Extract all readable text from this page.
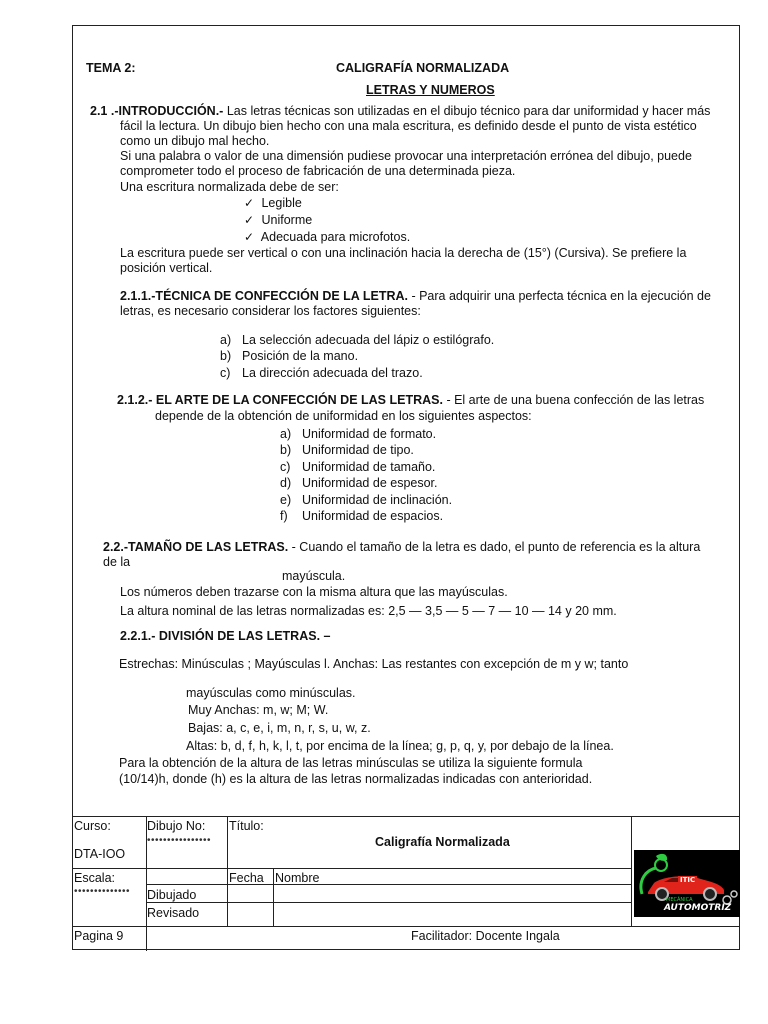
TEMA 2:	CALIGRAFÍA NORMALIZADA
LETRAS Y NUMEROS
2.1 .-INTRODUCCIÓN.- Las letras técnicas son utilizadas en el dibujo técnico para dar uniformidad y hacer más
fácil la lectura. Un dibujo bien hecho con una mala escritura, es definido desde el punto de vista estético
como un dibujo mal hecho.
Si una palabra o valor de una dimensión pudiese provocar una interpretación errónea del dibujo, puede
comprometer todo el proceso de fabricación de una determinada pieza.
Una escritura normalizada debe de ser:
✓ Legible
✓ Uniforme
✓ Adecuada para microfotos.
La escritura puede ser vertical o con una inclinación hacia la derecha de (15°) (Cursiva). Se prefiere la
posición vertical.
2.1.1.-TÉCNICA DE CONFECCIÓN DE LA LETRA. - Para adquirir una perfecta técnica en la ejecución de
letras, es necesario considerar los factores siguientes:
a) La selección adecuada del lápiz o estilógrafo.
b) Posición de la mano.
c) La dirección adecuada del trazo.
2.1.2.- EL ARTE DE LA CONFECCIÓN DE LAS LETRAS. - El arte de una buena confección de las letras
depende de la obtención de uniformidad en los siguientes aspectos:
a) Uniformidad de formato.
b) Uniformidad de tipo.
c) Uniformidad de tamaño.
d) Uniformidad de espesor.
e) Uniformidad de inclinación.
f) Uniformidad de espacios.
2.2.-TAMAÑO DE LAS LETRAS. - Cuando el tamaño de la letra es dado, el punto de referencia es la altura
de la
mayúscula.
Los números deben trazarse con la misma altura que las mayúsculas.
La altura nominal de las letras normalizadas es: 2,5 — 3,5 — 5 — 7 — 10 — 14 y 20 mm.
2.2.1.- DIVISIÓN DE LAS LETRAS. –
Estrechas: Minúsculas ; Mayúsculas l. Anchas: Las restantes con excepción de m y w; tanto
mayúsculas como minúsculas.
Muy Anchas: m, w; M; W.
Bajas: a, c, e, i, m, n, r, s, u, w, z.
Altas: b, d, f, h, k, l, t, por encima de la línea; g, p, q, y, por debajo de la línea.
Para la obtención de la altura de las letras minúsculas se utiliza la siguiente formula
(10/14)h, donde (h) es la altura de las letras normalizadas indicadas con anterioridad.
Curso:
DTA-IOO
Dibujo No:
••••••••••••••••
Título:
Caligrafía Normalizada
Escala:
••••••••••••••
Fecha Nombre
Dibujado
Revisado
Pagina 9	Facilitador: Docente Ingala
ITIC
MECÁNICA
AUTOMOTRIZ
